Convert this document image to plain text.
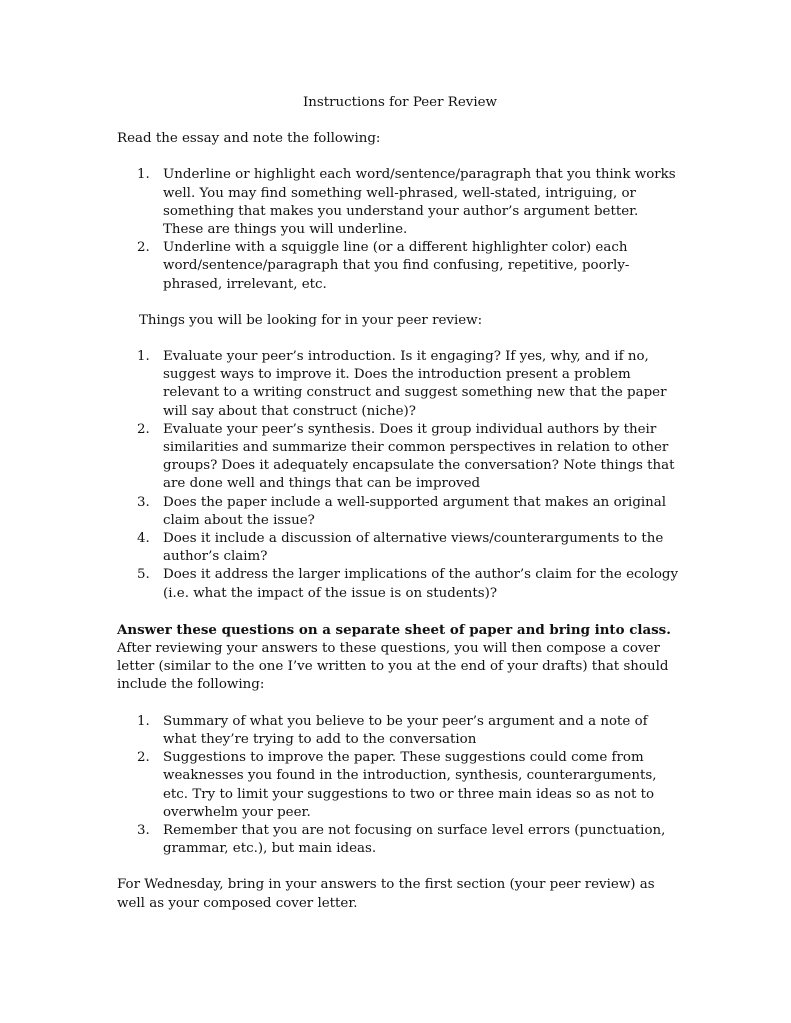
Instructions for Peer Review

Read the essay and note the following:

1. Underline or highlight each word/sentence/paragraph that you think works well. You may find something well-phrased, well-stated, intriguing, or something that makes you understand your author’s argument better. These are things you will underline.
2. Underline with a squiggle line (or a different highlighter color) each word/sentence/paragraph that you find confusing, repetitive, poorly-phrased, irrelevant, etc.

Things you will be looking for in your peer review:

1. Evaluate your peer’s introduction. Is it engaging? If yes, why, and if no, suggest ways to improve it. Does the introduction present a problem relevant to a writing construct and suggest something new that the paper will say about that construct (niche)?
2. Evaluate your peer’s synthesis. Does it group individual authors by their similarities and summarize their common perspectives in relation to other groups? Does it adequately encapsulate the conversation? Note things that are done well and things that can be improved
3. Does the paper include a well-supported argument that makes an original claim about the issue?
4. Does it include a discussion of alternative views/counterarguments to the author’s claim?
5. Does it address the larger implications of the author’s claim for the ecology (i.e. what the impact of the issue is on students)?

Answer these questions on a separate sheet of paper and bring into class. After reviewing your answers to these questions, you will then compose a cover letter (similar to the one I’ve written to you at the end of your drafts) that should include the following:

1. Summary of what you believe to be your peer’s argument and a note of what they’re trying to add to the conversation
2. Suggestions to improve the paper. These suggestions could come from weaknesses you found in the introduction, synthesis, counterarguments, etc. Try to limit your suggestions to two or three main ideas so as not to overwhelm your peer.
3. Remember that you are not focusing on surface level errors (punctuation, grammar, etc.), but main ideas.

For Wednesday, bring in your answers to the first section (your peer review) as well as your composed cover letter.
